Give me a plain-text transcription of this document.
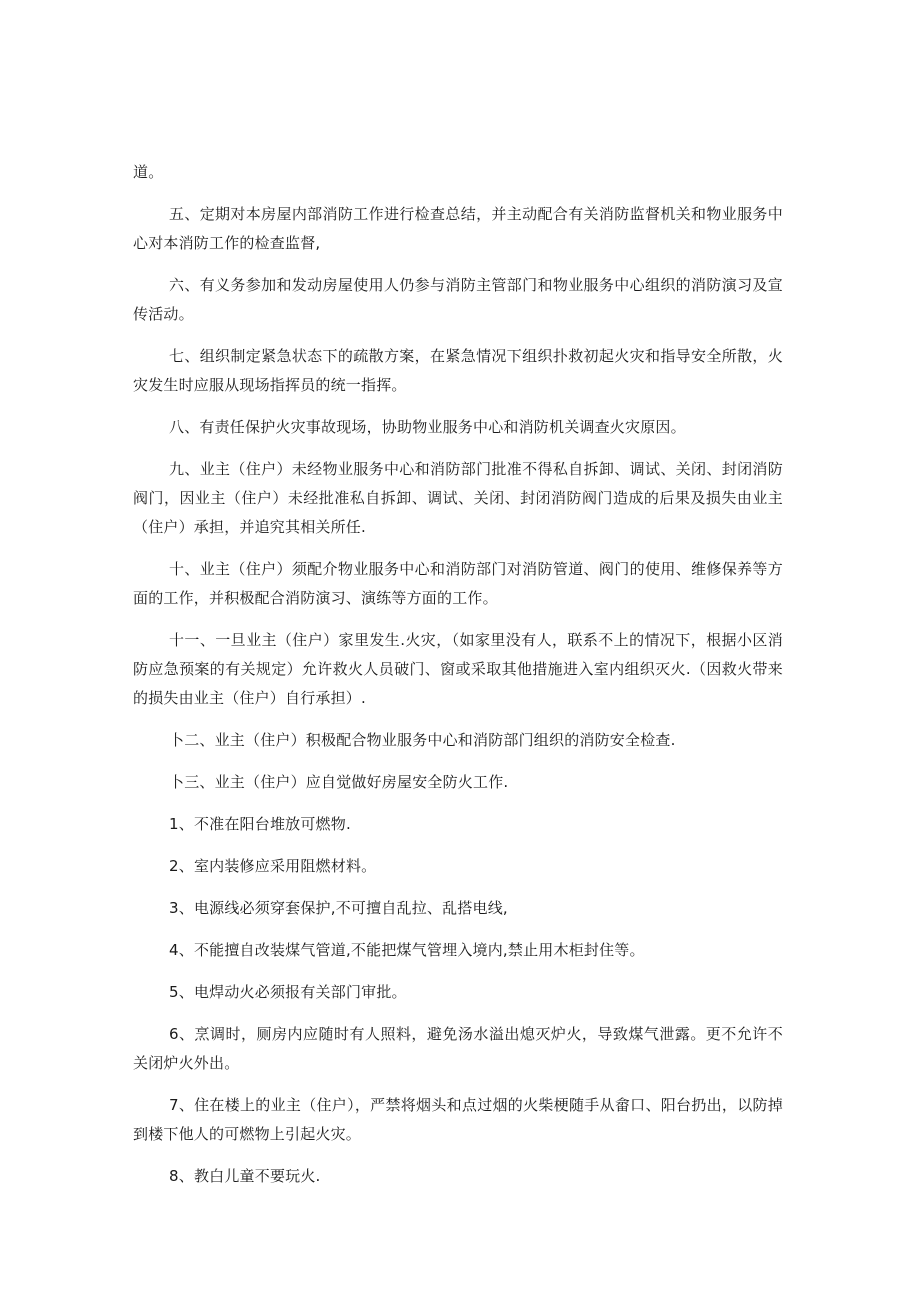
道。

五、定期对本房屋内部消防工作进行检查总结，并主动配合有关消防监督机关和物业服务中心对本消防工作的检查监督,

六、有义务参加和发动房屋使用人仍参与消防主管部门和物业服务中心组织的消防演习及宣传活动。

七、组织制定紧急状态下的疏散方案，在紧急情况下组织扑救初起火灾和指导安全所散，火灾发生时应服从现场指挥员的统一指挥。

八、有责任保护火灾事故现场，协助物业服务中心和消防机关调查火灾原因。

九、业主（住户）未经物业服务中心和消防部门批准不得私自拆卸、调试、关闭、封闭消防阀门，因业主（住户）未经批准私自拆卸、调试、关闭、封闭消防阀门造成的后果及损失由业主（住户）承担，并追究其相关所任.

十、业主（住户）须配介物业服务中心和消防部门对消防管道、阀门的使用、维修保养等方面的工作，并积极配合消防演习、演练等方面的工作。

十一、一旦业主（住户）家里发生.火灾，（如家里没有人，联系不上的情况下，根据小区消防应急预案的有关规定）允许救火人员破门、窗或采取其他措施进入室内组织灭火.（因救火带来的损失由业主（住户）自行承担）.

卜二、业主（住户）积极配合物业服务中心和消防部门组织的消防安全检查.

卜三、业主（住户）应自觉做好房屋安全防火工作.

1、不准在阳台堆放可燃物.

2、室内装修应采用阻燃材料。

3、电源线必须穿套保护,不可擅自乱拉、乱搭电线,

4、不能擅自改装煤气管道,不能把煤气管埋入境内,禁止用木柜封住等。

5、电焊动火必须报有关部门审批。

6、烹调时，厕房内应随时有人照料，避免汤水溢出熄灭炉火，导致煤气泄露。更不允许不关闭炉火外出。

7、住在楼上的业主（住户），严禁将烟头和点过烟的火柴梗随手从畲口、阳台扔出，以防掉到楼下他人的可燃物上引起火灾。

8、教白儿童不要玩火.
